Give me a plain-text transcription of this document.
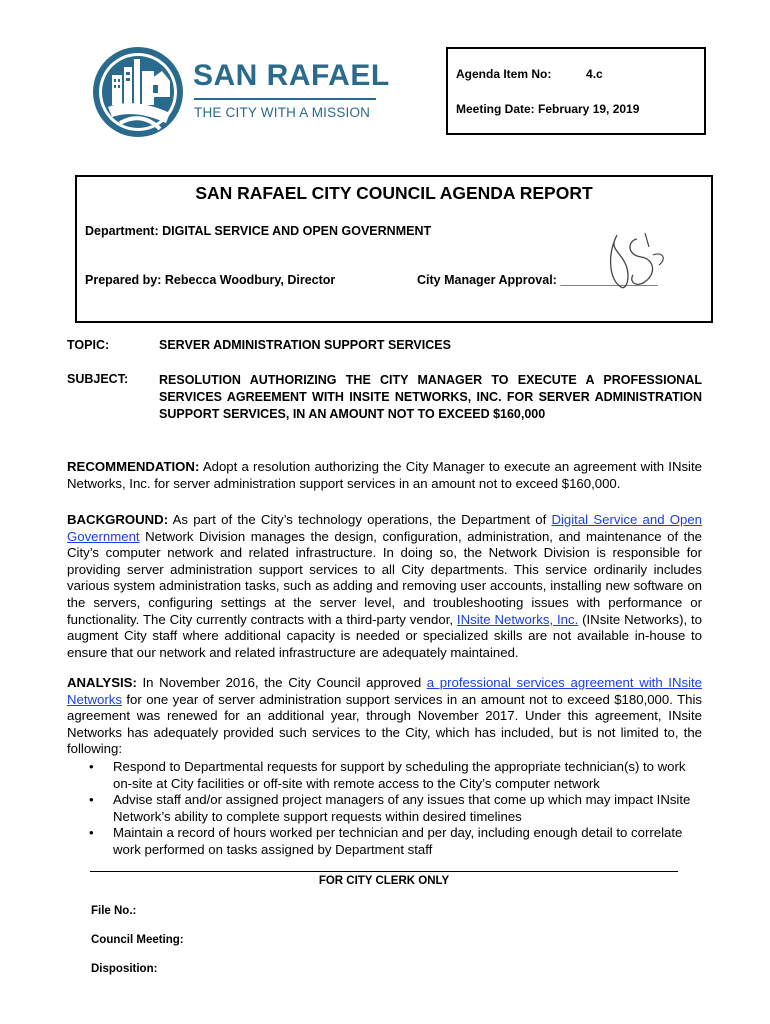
SAN RAFAEL
THE CITY WITH A MISSION
Agenda Item No:	4.c
Meeting Date: February 19, 2019
SAN RAFAEL CITY COUNCIL AGENDA REPORT
Department: DIGITAL SERVICE AND OPEN GOVERNMENT
Prepared by: Rebecca Woodbury, Director	City Manager Approval: ______________
TOPIC:	SERVER ADMINISTRATION SUPPORT SERVICES
SUBJECT: RESOLUTION AUTHORIZING THE CITY MANAGER TO EXECUTE A PROFESSIONAL SERVICES AGREEMENT WITH INSITE NETWORKS, INC. FOR SERVER ADMINISTRATION SUPPORT SERVICES, IN AN AMOUNT NOT TO EXCEED $160,000
RECOMMENDATION: Adopt a resolution authorizing the City Manager to execute an agreement with INsite Networks, Inc. for server administration support services in an amount not to exceed $160,000.
BACKGROUND: As part of the City’s technology operations, the Department of Digital Service and Open Government Network Division manages the design, configuration, administration, and maintenance of the City’s computer network and related infrastructure. In doing so, the Network Division is responsible for providing server administration support services to all City departments. This service ordinarily includes various system administration tasks, such as adding and removing user accounts, installing new software on the servers, configuring settings at the server level, and troubleshooting issues with performance or functionality. The City currently contracts with a third-party vendor, INsite Networks, Inc. (INsite Networks), to augment City staff where additional capacity is needed or specialized skills are not available in-house to ensure that our network and related infrastructure are adequately maintained.
ANALYSIS: In November 2016, the City Council approved a professional services agreement with INsite Networks for one year of server administration support services in an amount not to exceed $180,000. This agreement was renewed for an additional year, through November 2017. Under this agreement, INsite Networks has adequately provided such services to the City, which has included, but is not limited to, the following:
• Respond to Departmental requests for support by scheduling the appropriate technician(s) to work on-site at City facilities or off-site with remote access to the City’s computer network
• Advise staff and/or assigned project managers of any issues that come up which may impact INsite Network’s ability to complete support requests within desired timelines
• Maintain a record of hours worked per technician and per day, including enough detail to correlate work performed on tasks assigned by Department staff
FOR CITY CLERK ONLY
File No.:
Council Meeting:
Disposition:
